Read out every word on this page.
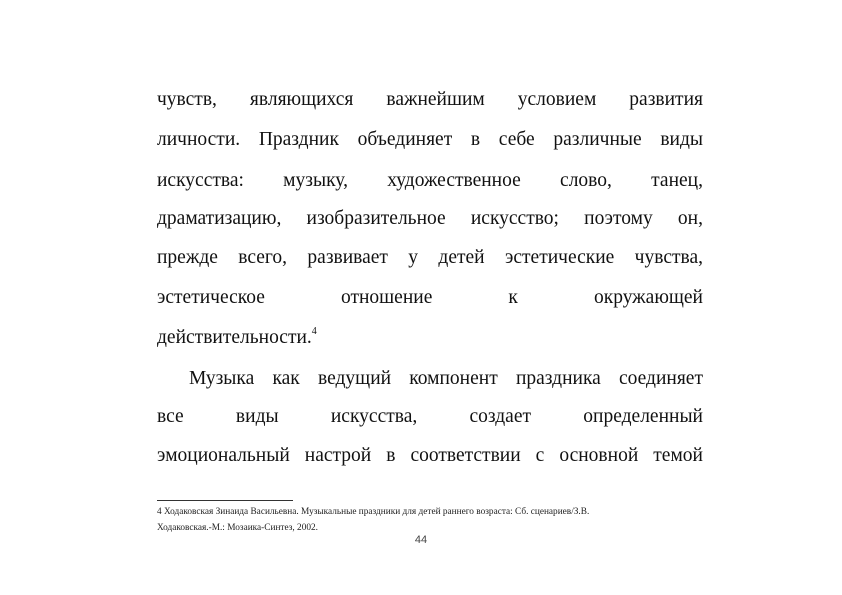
чувств, являющихся важнейшим условием развития
личности. Праздник объединяет в себе различные виды
искусства: музыку, художественное слово, танец,
драматизацию, изобразительное искусство; поэтому он,
прежде всего, развивает у детей эстетические чувства,
эстетическое отношение к окружающей
действительности.$^4$
Музыка как ведущий компонент праздника соединяет
все виды искусства, создает определенный
эмоциональный настрой в соответствии с основной темой
4 Ходаковская Зинаида Васильевна. Музыкальные праздники для детей раннего возраста: Сб. сценариев/З.В.
Ходаковская.-М.: Мозаика-Синтез, 2002.
44
